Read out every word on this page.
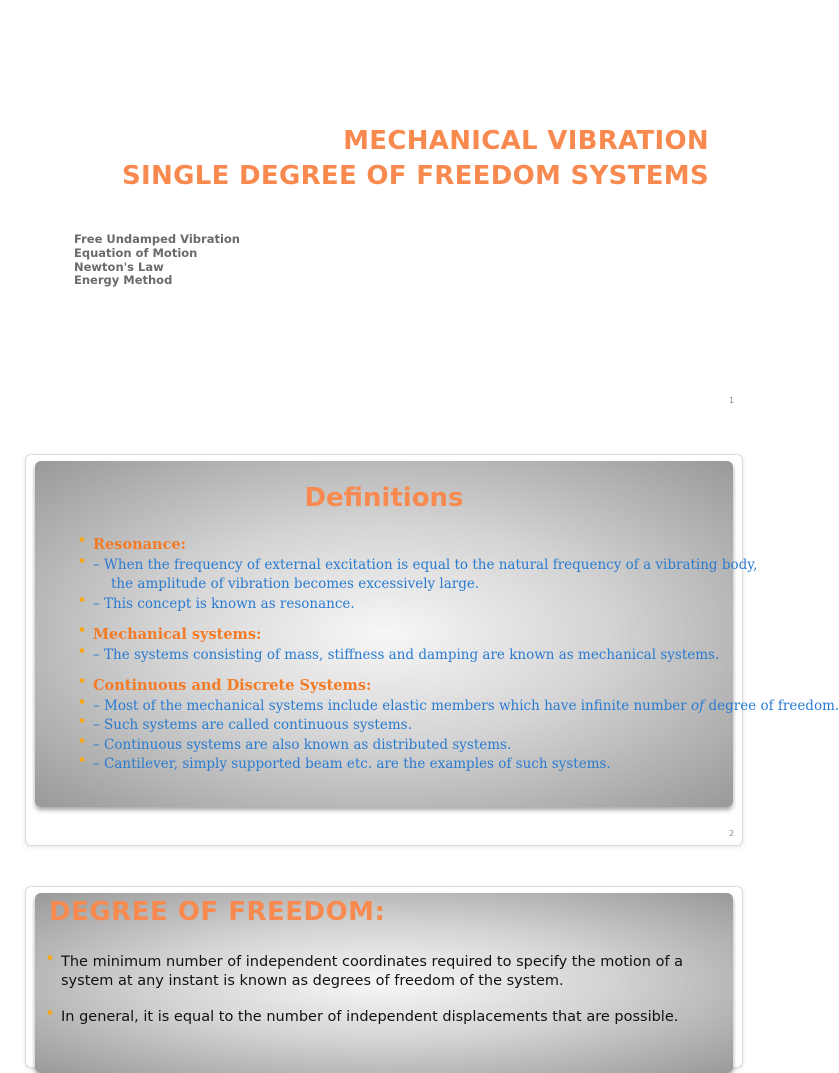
MECHANICAL VIBRATION
SINGLE DEGREE OF FREEDOM SYSTEMS
Free Undamped Vibration
Equation of Motion
Newton's Law
Energy Method
1
Definitions
• Resonance:
• – When the frequency of external excitation is equal to the natural frequency of a vibrating body,
the amplitude of vibration becomes excessively large.
• – This concept is known as resonance.
• Mechanical systems:
• – The systems consisting of mass, stiffness and damping are known as mechanical systems.
• Continuous and Discrete Systems:
• – Most of the mechanical systems include elastic members which have infinite number of degree of freedom.
• – Such systems are called continuous systems.
• – Continuous systems are also known as distributed systems.
• – Cantilever, simply supported beam etc. are the examples of such systems.
2
DEGREE OF FREEDOM:
• The minimum number of independent coordinates required to specify the motion of a system at any instant is known as degrees of freedom of the system.
• In general, it is equal to the number of independent displacements that are possible.
